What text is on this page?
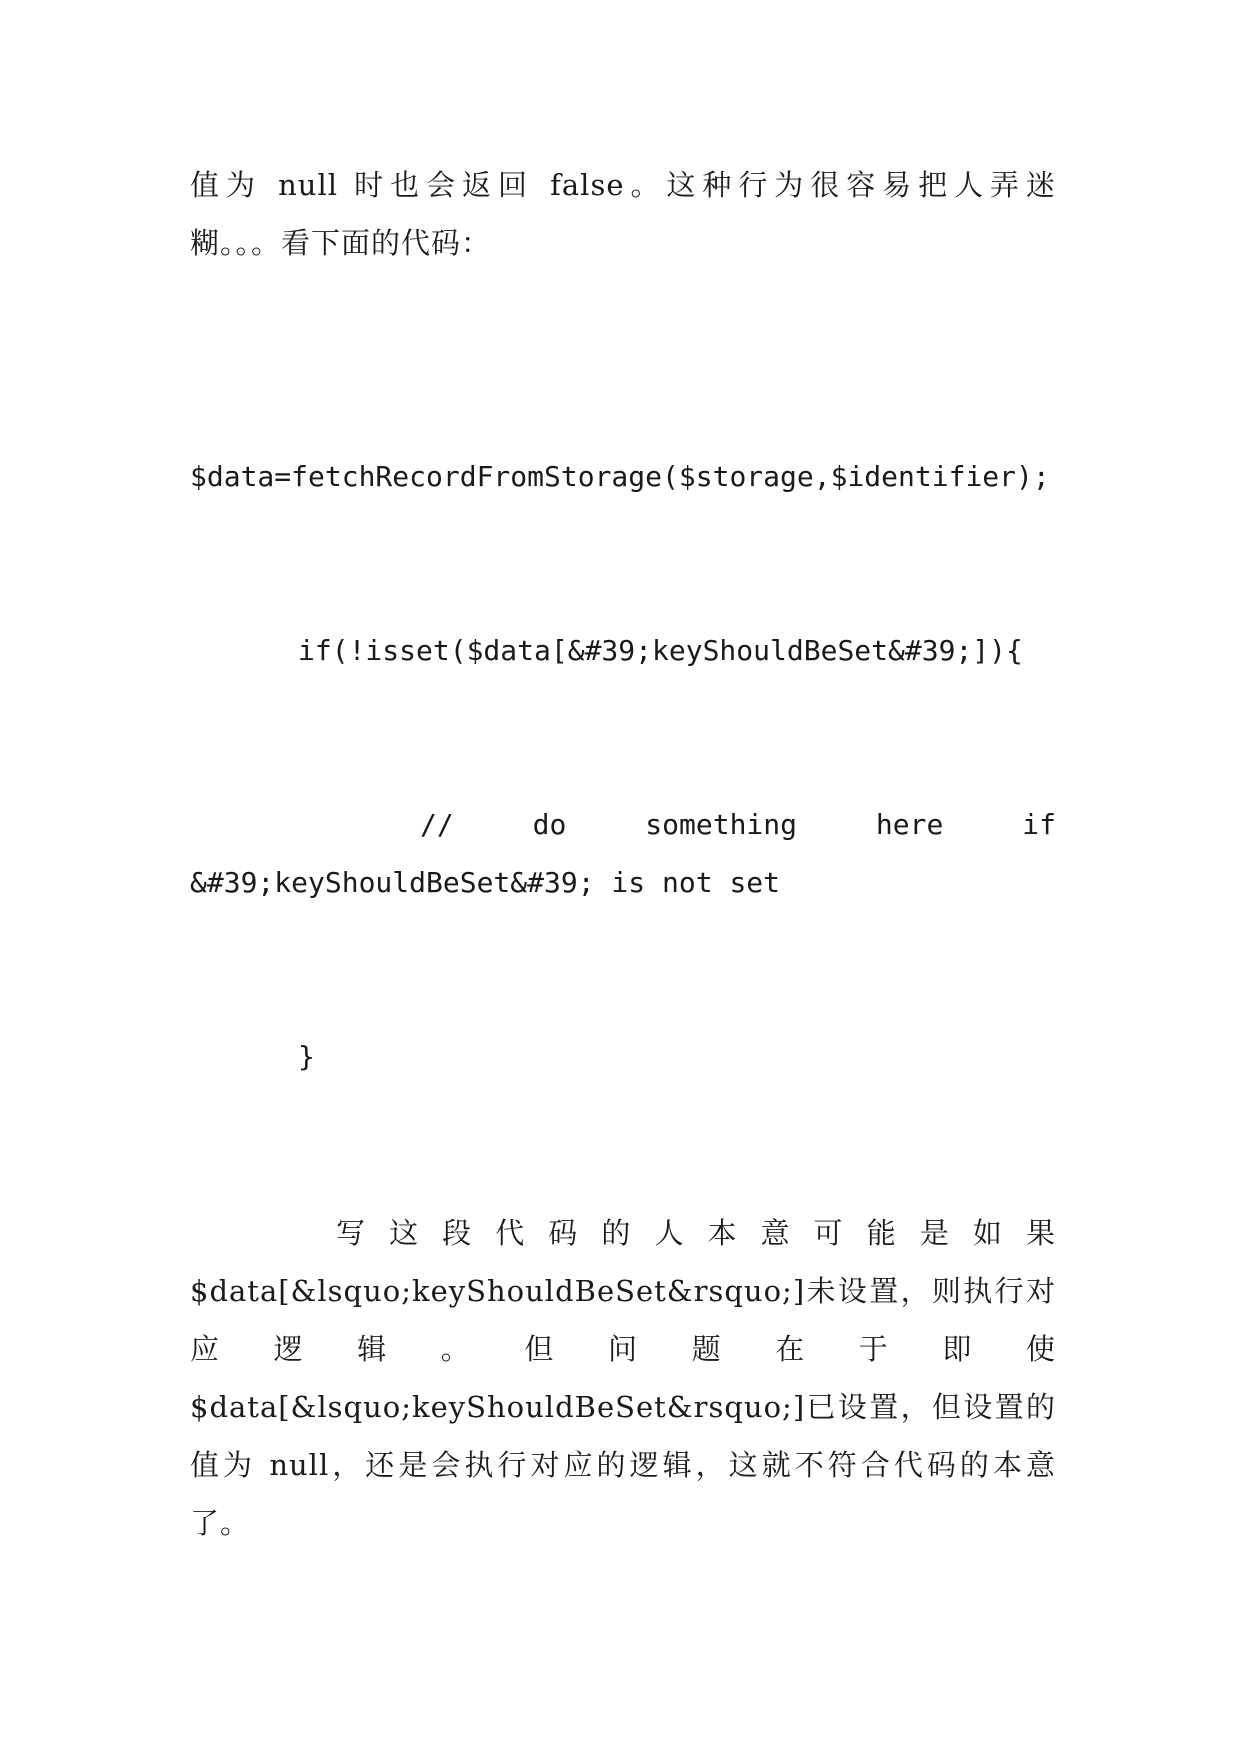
值为 null 时也会返回 false。这种行为很容易把人弄迷
糊。。。看下面的代码：
$data=fetchRecordFromStorage($storage,$identifier);
if(!isset($data[&#39;keyShouldBeSet&#39;]){
// do something here if
&#39;keyShouldBeSet&#39; is not set
}
写这段代码的人本意可能是如果
$data[&lsquo;keyShouldBeSet&rsquo;]未设置，则执行对
应逻辑。但问题在于即使
$data[&lsquo;keyShouldBeSet&rsquo;]已设置，但设置的
值为 null，还是会执行对应的逻辑，这就不符合代码的本意
了。
